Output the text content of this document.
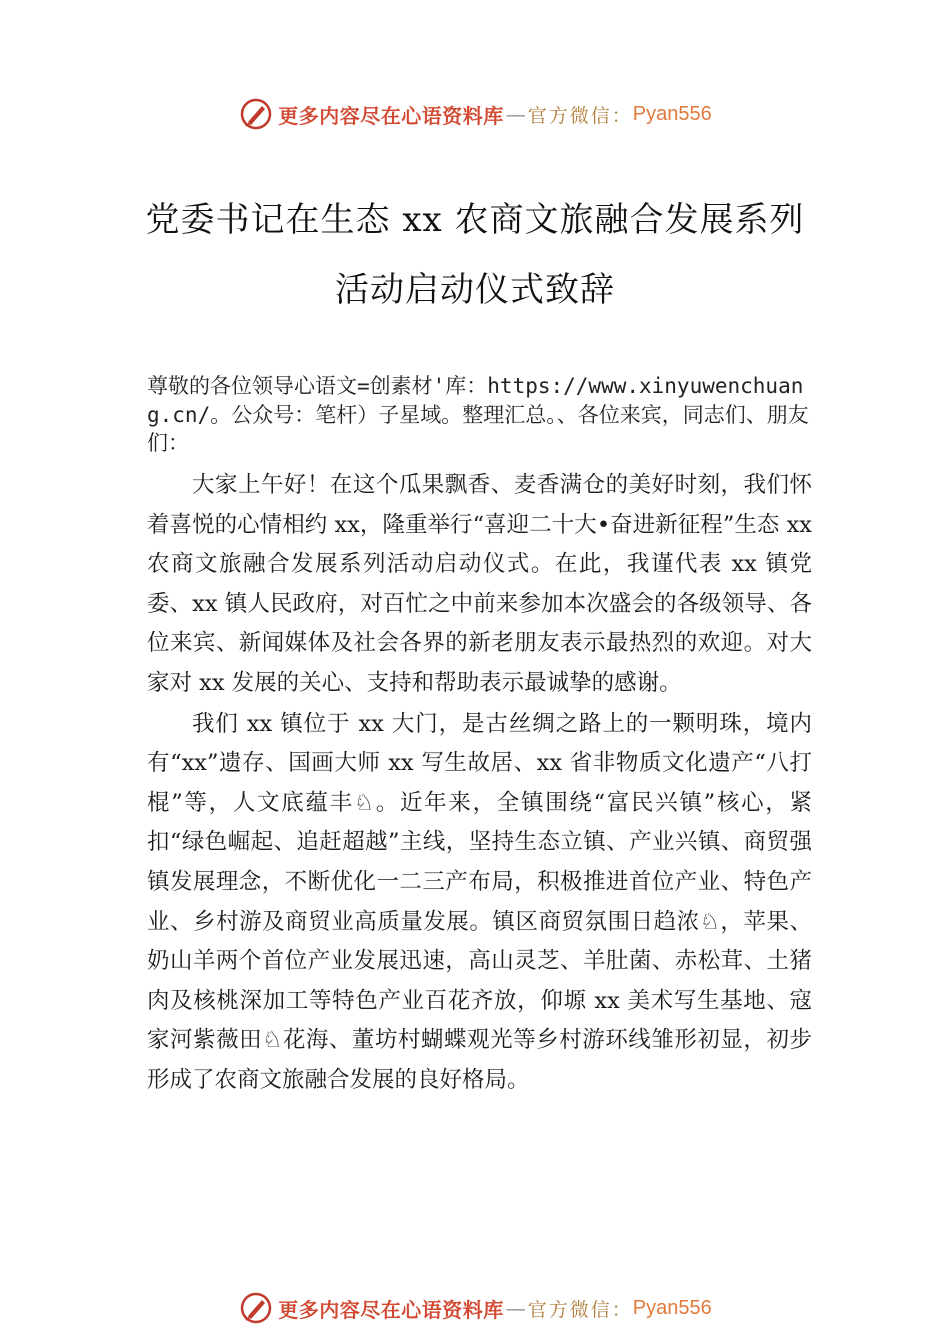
更多内容尽在心语资料库 — 官方微信： Pyan556
党委书记在生态 xx 农商文旅融合发展系列
活动启动仪式致辞
尊敬的各位领导心语文=创素材'库：https://www.xinyuwenchuang.cn/。公众号：笔杆）子星域。整理汇总。、各位来宾，同志们、朋友们：

大家上午好！在这个瓜果飘香、麦香满仓的美好时刻，我们怀着喜悦的心情相约 xx，隆重举行“喜迎二十大•奋进新征程”生态 xx 农商文旅融合发展系列活动启动仪式。在此，我谨代表 xx 镇党委、xx 镇人民政府，对百忙之中前来参加本次盛会的各级领导、各位来宾、新闻媒体及社会各界的新老朋友表示最热烈的欢迎。对大家对 xx 发展的关心、支持和帮助表示最诚挚的感谢。

我们 xx 镇位于 xx 大门，是古丝绸之路上的一颗明珠，境内有“xx”遗存、国画大师 xx 写生故居、xx 省非物质文化遗产“八打棍”等，人文底蕴丰♘。近年来，全镇围绕“富民兴镇”核心，紧扣“绿色崛起、追赶超越”主线，坚持生态立镇、产业兴镇、商贸强镇发展理念，不断优化一二三产布局，积极推进首位产业、特色产业、乡村游及商贸业高质量发展。镇区商贸氛围日趋浓♘，苹果、奶山羊两个首位产业发展迅速，高山灵芝、羊肚菌、赤松茸、土猪肉及核桃深加工等特色产业百花齐放，仰塬 xx 美术写生基地、寇家河紫薇田♘花海、董坊村蝴蝶观光等乡村游环线雏形初显，初步形成了农商文旅融合发展的良好格局。

更多内容尽在心语资料库 — 官方微信： Pyan556
